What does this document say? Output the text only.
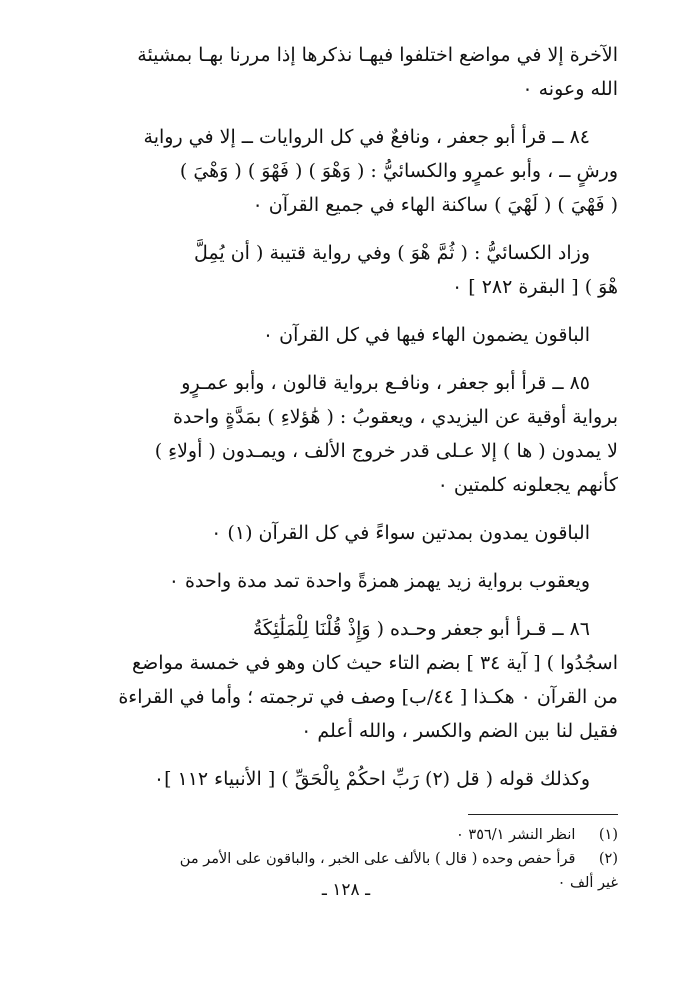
الآخرة إلا في مواضع اختلفوا فيهـا نذكرها إذا مررنا بهـا بمشيئة
الله وعونه ٠
٨٤ ــ قرأ أبو جعفر ، ونافعٌ في كل الروايات ــ إلا في رواية
ورشٍ ــ ، وأبو عمرٍو والكسائيُّ : ( وَهْوَ ) ( فَهْوَ ) ( وَهْيَ )
( فَهْيَ ) ( لَهْيَ ) ساكنة الهاء في جميع القرآن ٠
وزاد الكسائيُّ : ( ثُمَّ هْوَ ) وفي رواية قتيبة ( أن يُمِلَّ
هْوَ ) [ البقرة ٢٨٢ ] ٠
الباقون يضمون الهاء فيها في كل القرآن ٠
٨٥ ــ قرأ أبو جعفر ، ونافـع برواية قالون ، وأبو عمـرٍو
برواية أوقية عن اليزيدي ، ويعقوبُ : ( هَٰؤلاءِ ) بمَدَّةٍ واحدة
لا يمدون ( ها ) إلا عـلى قدر خروج الألف ، ويمـدون ( أولاءِ )
كأنهم يجعلونه كلمتين ٠
الباقون يمدون بمدتين سواءً في كل القرآن (١) ٠
ويعقوب برواية زيد يهمز همزةً واحدة تمد مدة واحدة ٠
٨٦ ــ قـرأ أبو جعفر وحـده ( وَإِذْ قُلْنَا لِلْمَلَٰئِكَةُ
اسجُدُوا ) [ آية ٣٤ ] بضم التاء حيث كان وهو في خمسة مواضع
من القرآن ٠ هكـذا [ ٤٤/ب] وصف في ترجمته ؛ وأما في القراءة
فقيل لنا بين الضم والكسر ، والله أعلم ٠
وكذلك قوله ( قل (٢) رَبِّ احكُمْ بِالْحَقِّ ) [ الأنبياء ١١٢ ]٠
(١) انظر النشر ٣٥٦/١ ٠
(٢) قرأ حفص وحده ( قال ) بالألف على الخبر ، والباقون على الأمر من
غير ألف ٠
ـ ١٢٨ ـ
